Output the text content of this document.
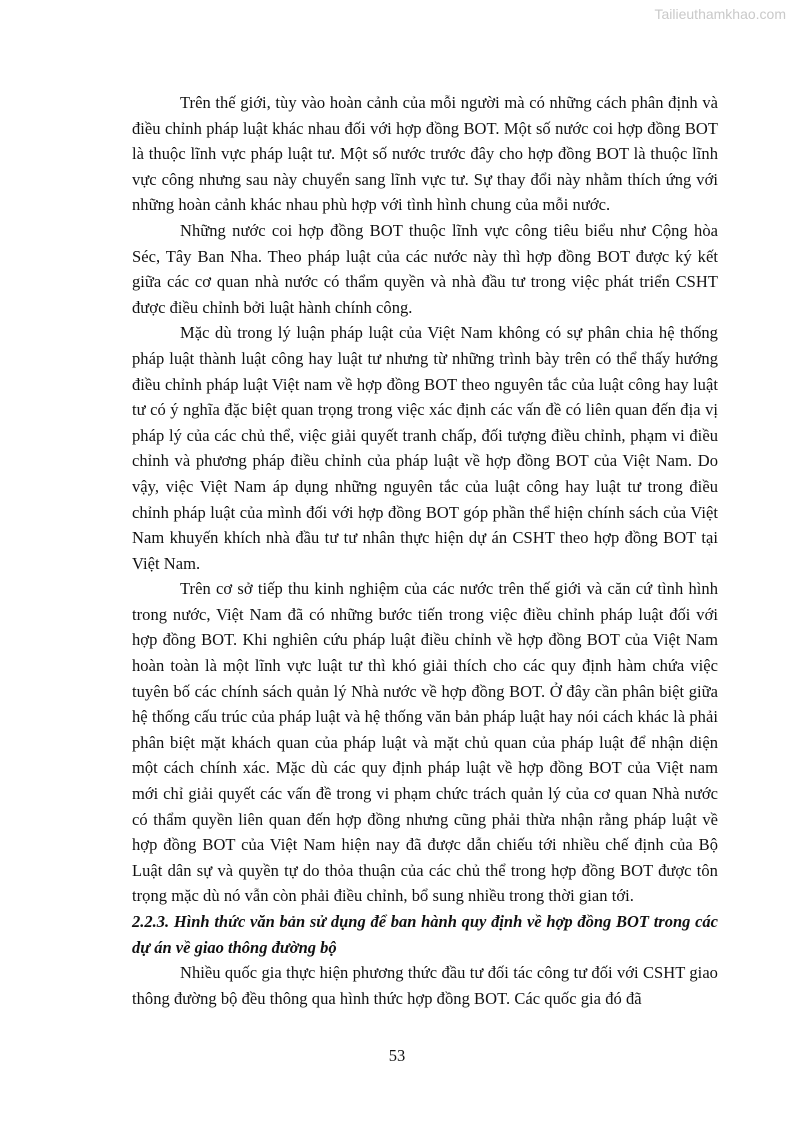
Tailieuthamkhao.com

Trên thế giới, tùy vào hoàn cảnh của mỗi người mà có những cách phân định và điều chỉnh pháp luật khác nhau đối với hợp đồng BOT. Một số nước coi hợp đồng BOT là thuộc lĩnh vực pháp luật tư. Một số nước trước đây cho hợp đồng BOT là thuộc lĩnh vực công nhưng sau này chuyển sang lĩnh vực tư. Sự thay đổi này nhằm thích ứng với những hoàn cảnh khác nhau phù hợp với tình hình chung của mỗi nước.

Những nước coi hợp đồng BOT thuộc lĩnh vực công tiêu biểu như Cộng hòa Séc, Tây Ban Nha. Theo pháp luật của các nước này thì hợp đồng BOT được ký kết giữa các cơ quan nhà nước có thẩm quyền và nhà đầu tư trong việc phát triển CSHT được điều chỉnh bởi luật hành chính công.

Mặc dù trong lý luận pháp luật của Việt Nam không có sự phân chia hệ thống pháp luật thành luật công hay luật tư nhưng từ những trình bày trên có thể thấy hướng điều chỉnh pháp luật Việt nam về hợp đồng BOT theo nguyên tắc của luật công hay luật tư có ý nghĩa đặc biệt quan trọng trong việc xác định các vấn đề có liên quan đến địa vị pháp lý của các chủ thể, việc giải quyết tranh chấp, đối tượng điều chỉnh, phạm vi điều chỉnh và phương pháp điều chỉnh của pháp luật về hợp đồng BOT của Việt Nam. Do vậy, việc Việt Nam áp dụng những nguyên tắc của luật công hay luật tư trong điều chỉnh pháp luật của mình đối với hợp đồng BOT góp phần thể hiện chính sách của Việt Nam khuyến khích nhà đầu tư tư nhân thực hiện dự án CSHT theo hợp đồng BOT tại Việt Nam.

Trên cơ sở tiếp thu kinh nghiệm của các nước trên thế giới và căn cứ tình hình trong nước, Việt Nam đã có những bước tiến trong việc điều chỉnh pháp luật đối với hợp đồng BOT. Khi nghiên cứu pháp luật điều chỉnh về hợp đồng BOT của Việt Nam hoàn toàn là một lĩnh vực luật tư thì khó giải thích cho các quy định hàm chứa việc tuyên bố các chính sách quản lý Nhà nước về hợp đồng BOT. Ở đây cần phân biệt giữa hệ thống cấu trúc của pháp luật và hệ thống văn bản pháp luật hay nói cách khác là phải phân biệt mặt khách quan của pháp luật và mặt chủ quan của pháp luật để nhận diện một cách chính xác. Mặc dù các quy định pháp luật về hợp đồng BOT của Việt nam mới chỉ giải quyết các vấn đề trong vi phạm chức trách quản lý của cơ quan Nhà nước có thẩm quyền liên quan đến hợp đồng nhưng cũng phải thừa nhận rằng pháp luật về hợp đồng BOT của Việt Nam hiện nay đã được dẫn chiếu tới nhiều chế định của Bộ Luật dân sự và quyền tự do thỏa thuận của các chủ thể trong hợp đồng BOT được tôn trọng mặc dù nó vẫn còn phải điều chỉnh, bổ sung nhiều trong thời gian tới.

2.2.3. Hình thức văn bản sử dụng để ban hành quy định về hợp đồng BOT trong các dự án về giao thông đường bộ

Nhiều quốc gia thực hiện phương thức đầu tư đối tác công tư đối với CSHT giao thông đường bộ đều thông qua hình thức hợp đồng BOT. Các quốc gia đó đã

53
